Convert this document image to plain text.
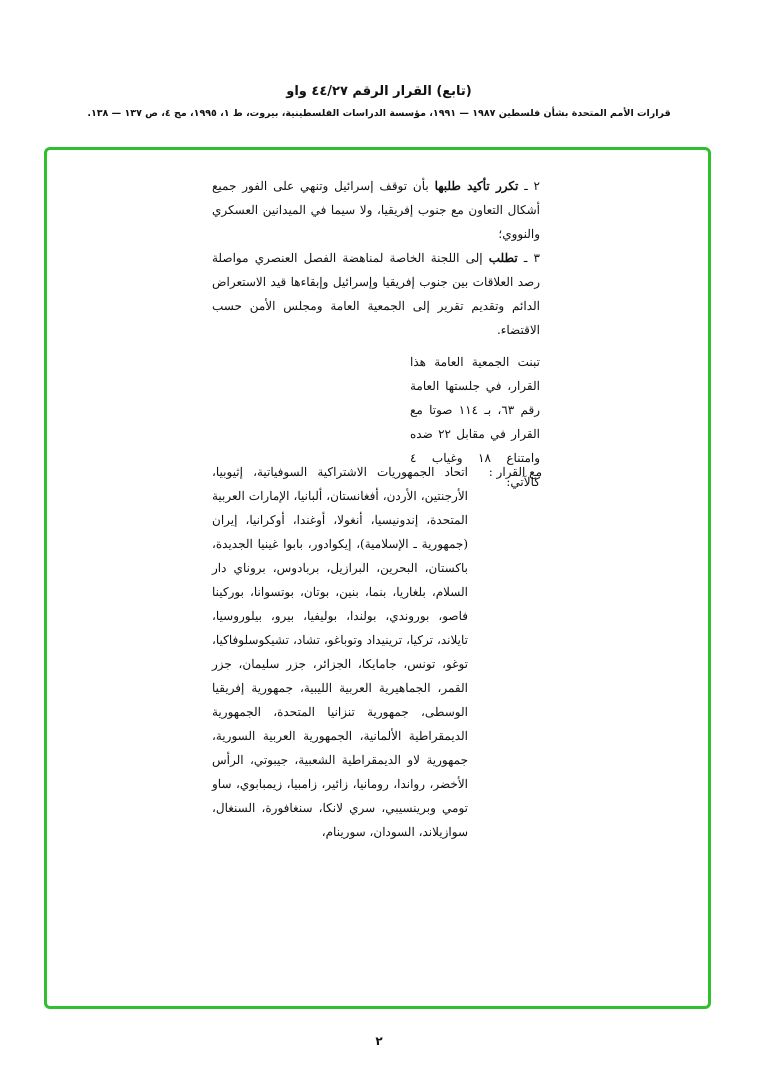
(تابع) القرار الرقم ٤٤/٢٧ واو

قرارات الأمم المتحدة بشأن فلسطين ١٩٨٧ — ١٩٩١، مؤسسة الدراسات الفلسطينية، بيروت، ط ١، ١٩٩٥، مج ٤، ص ١٣٧ — ١٣٨.

٢ ـ تكرر تأكيد طلبها بأن توقف إسرائيل وتنهي على الفور جميع أشكال التعاون مع جنوب إفريقيا، ولا سيما في الميدانين العسكري والنووي؛

٣ ـ تطلب إلى اللجنة الخاصة لمناهضة الفصل العنصري مواصلة رصد العلاقات بين جنوب إفريقيا وإسرائيل وإبقاءها قيد الاستعراض الدائم وتقديم تقرير إلى الجمعية العامة ومجلس الأمن حسب الاقتضاء.

تبنت الجمعية العامة هذا القرار، في جلستها العامة رقم ٦٣، بـ ١١٤ صوتا مع القرار في مقابل ٢٢ ضده وامتناع ١٨ وغياب ٤ كالآتي:

مع القرار :
اتحاد الجمهوريات الاشتراكية السوفياتية، إثيوبيا، الأرجنتين، الأردن، أفغانستان، ألبانيا، الإمارات العربية المتحدة، إندونيسيا، أنغولا، أوغندا، أوكرانيا، إيران (جمهورية ـ الإسلامية)، إيكوادور، بابوا غينيا الجديدة، باكستان، البحرين، البرازيل، بربادوس، بروناي دار السلام، بلغاريا، بنما، بنين، بوتان، بوتسوانا، بوركينا فاصو، بوروندي، بولندا، بوليفيا، بيرو، بيلوروسيا، تايلاند، تركيا، ترينيداد وتوباغو، تشاد، تشيكوسلوفاكيا، توغو، تونس، جامايكا، الجزائر، جزر سليمان، جزر القمر، الجماهيرية العربية الليبية، جمهورية إفريقيا الوسطى، جمهورية تنزانيا المتحدة، الجمهورية الديمقراطية الألمانية، الجمهورية العربية السورية، جمهورية لاو الديمقراطية الشعبية، جيبوتي، الرأس الأخضر، رواندا، رومانيا، زائير، زامبيا، زيمبابوي، ساو تومي وبرينسيبي، سري لانكا، سنغافورة، السنغال، سوازيلاند، السودان، سورينام،

٢
